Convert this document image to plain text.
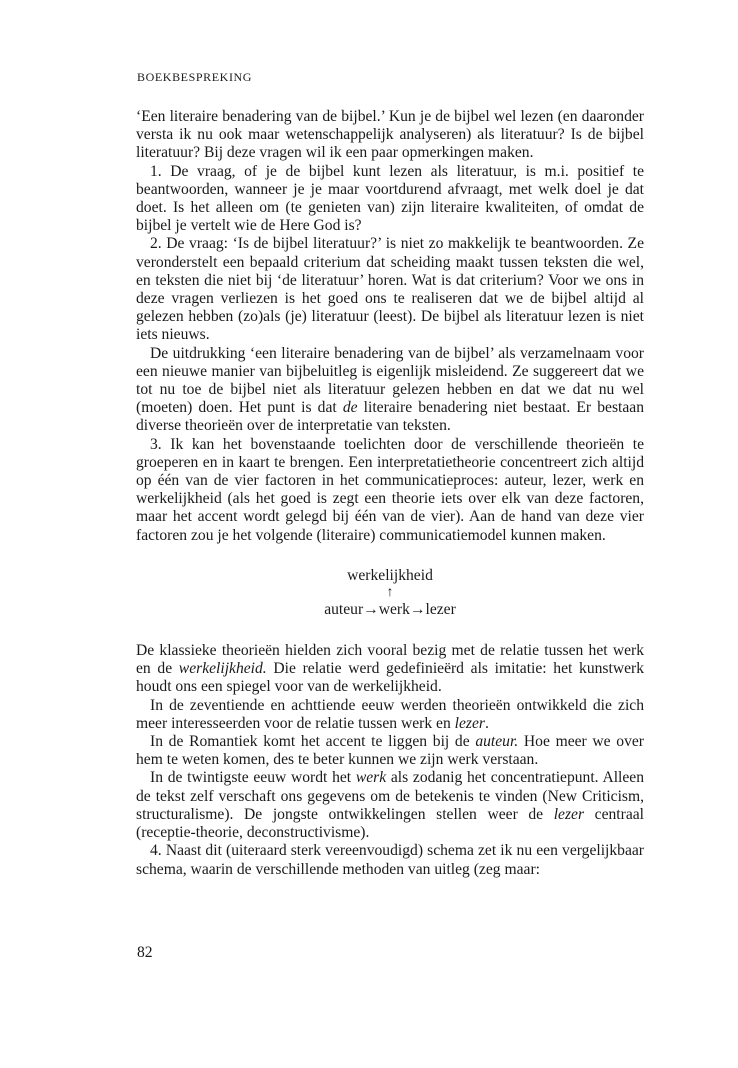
BOEKBESPREKING

‘Een literaire benadering van de bijbel.’ Kun je de bijbel wel lezen (en daaronder versta ik nu ook maar wetenschappelijk analyseren) als literatuur? Is de bijbel literatuur? Bij deze vragen wil ik een paar opmerkingen maken.

1. De vraag, of je de bijbel kunt lezen als literatuur, is m.i. positief te beantwoorden, wanneer je je maar voortdurend afvraagt, met welk doel je dat doet. Is het alleen om (te genieten van) zijn literaire kwaliteiten, of omdat de bijbel je vertelt wie de Here God is?

2. De vraag: ‘Is de bijbel literatuur?’ is niet zo makkelijk te beantwoorden. Ze veronderstelt een bepaald criterium dat scheiding maakt tussen teksten die wel, en teksten die niet bij ‘de literatuur’ horen. Wat is dat criterium? Voor we ons in deze vragen verliezen is het goed ons te realiseren dat we de bijbel altijd al gelezen hebben (zo)als (je) literatuur (leest). De bijbel als literatuur lezen is niet iets nieuws.

De uitdrukking ‘een literaire benadering van de bijbel’ als verzamelnaam voor een nieuwe manier van bijbeluitleg is eigenlijk misleidend. Ze suggereert dat we tot nu toe de bijbel niet als literatuur gelezen hebben en dat we dat nu wel (moeten) doen. Het punt is dat de literaire benadering niet bestaat. Er bestaan diverse theorieën over de interpretatie van teksten.

3. Ik kan het bovenstaande toelichten door de verschillende theorieën te groeperen en in kaart te brengen. Een interpretatietheorie concentreert zich altijd op één van de vier factoren in het communicatieproces: auteur, lezer, werk en werkelijkheid (als het goed is zegt een theorie iets over elk van deze factoren, maar het accent wordt gelegd bij één van de vier). Aan de hand van deze vier factoren zou je het volgende (literaire) communicatiemodel kunnen maken.

werkelijkheid
↑
auteur→werk→lezer

De klassieke theorieën hielden zich vooral bezig met de relatie tussen het werk en de werkelijkheid. Die relatie werd gedefinieërd als imitatie: het kunstwerk houdt ons een spiegel voor van de werkelijkheid.

In de zeventiende en achttiende eeuw werden theorieën ontwikkeld die zich meer interesseerden voor de relatie tussen werk en lezer.

In de Romantiek komt het accent te liggen bij de auteur. Hoe meer we over hem te weten komen, des te beter kunnen we zijn werk verstaan.

In de twintigste eeuw wordt het werk als zodanig het concentratiepunt. Alleen de tekst zelf verschaft ons gegevens om de betekenis te vinden (New Criticism, structuralisme). De jongste ontwikkelingen stellen weer de lezer centraal (receptie-theorie, deconstructivisme).

4. Naast dit (uiteraard sterk vereenvoudigd) schema zet ik nu een vergelijkbaar schema, waarin de verschillende methoden van uitleg (zeg maar:

82
